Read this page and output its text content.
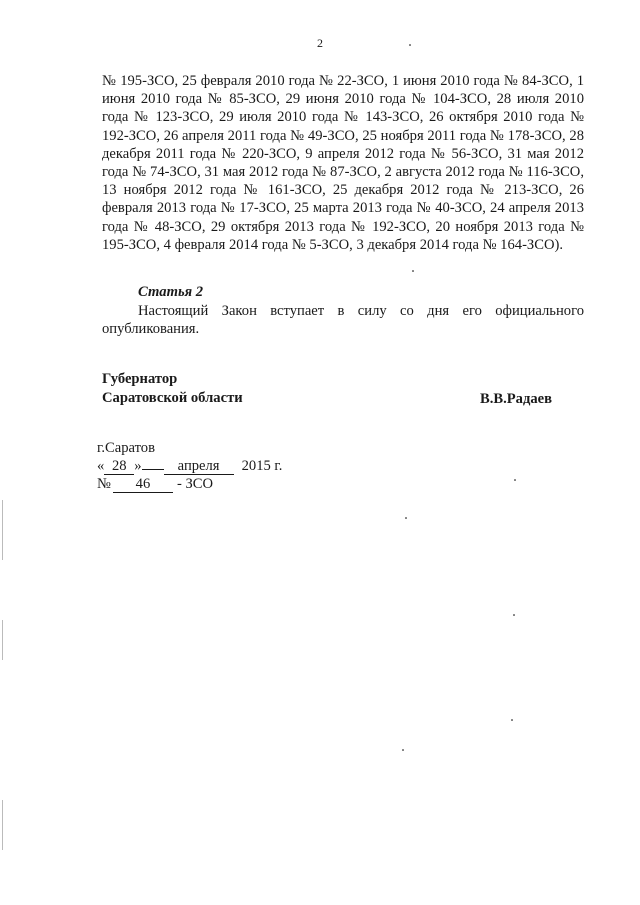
2

№ 195-ЗСО, 25 февраля 2010 года № 22-ЗСО, 1 июня 2010 года № 84-ЗСО, 1 июня 2010 года № 85-ЗСО, 29 июня 2010 года № 104-ЗСО, 28 июля 2010 года № 123-ЗСО, 29 июля 2010 года № 143-ЗСО, 26 октября 2010 года № 192-ЗСО, 26 апреля 2011 года № 49-ЗСО, 25 ноября 2011 года № 178-ЗСО, 28 декабря 2011 года № 220-ЗСО, 9 апреля 2012 года № 56-ЗСО, 31 мая 2012 года № 74-ЗСО, 31 мая 2012 года № 87-ЗСО, 2 августа 2012 года № 116-ЗСО, 13 ноября 2012 года № 161-ЗСО, 25 декабря 2012 года № 213-ЗСО, 26 февраля 2013 года № 17-ЗСО, 25 марта 2013 года № 40-ЗСО, 24 апреля 2013 года № 48-ЗСО, 29 октября 2013 года № 192-ЗСО, 20 ноября 2013 года № 195-ЗСО, 4 февраля 2014 года № 5-ЗСО, 3 декабря 2014 года № 164-ЗСО).

Статья 2

Настоящий Закон вступает в силу со дня его официального опубликования.

Губернатор
Саратовской области	В.В.Радаев
г.Саратов
« 28 » апреля 2015 г.
№ 46 - ЗСО
